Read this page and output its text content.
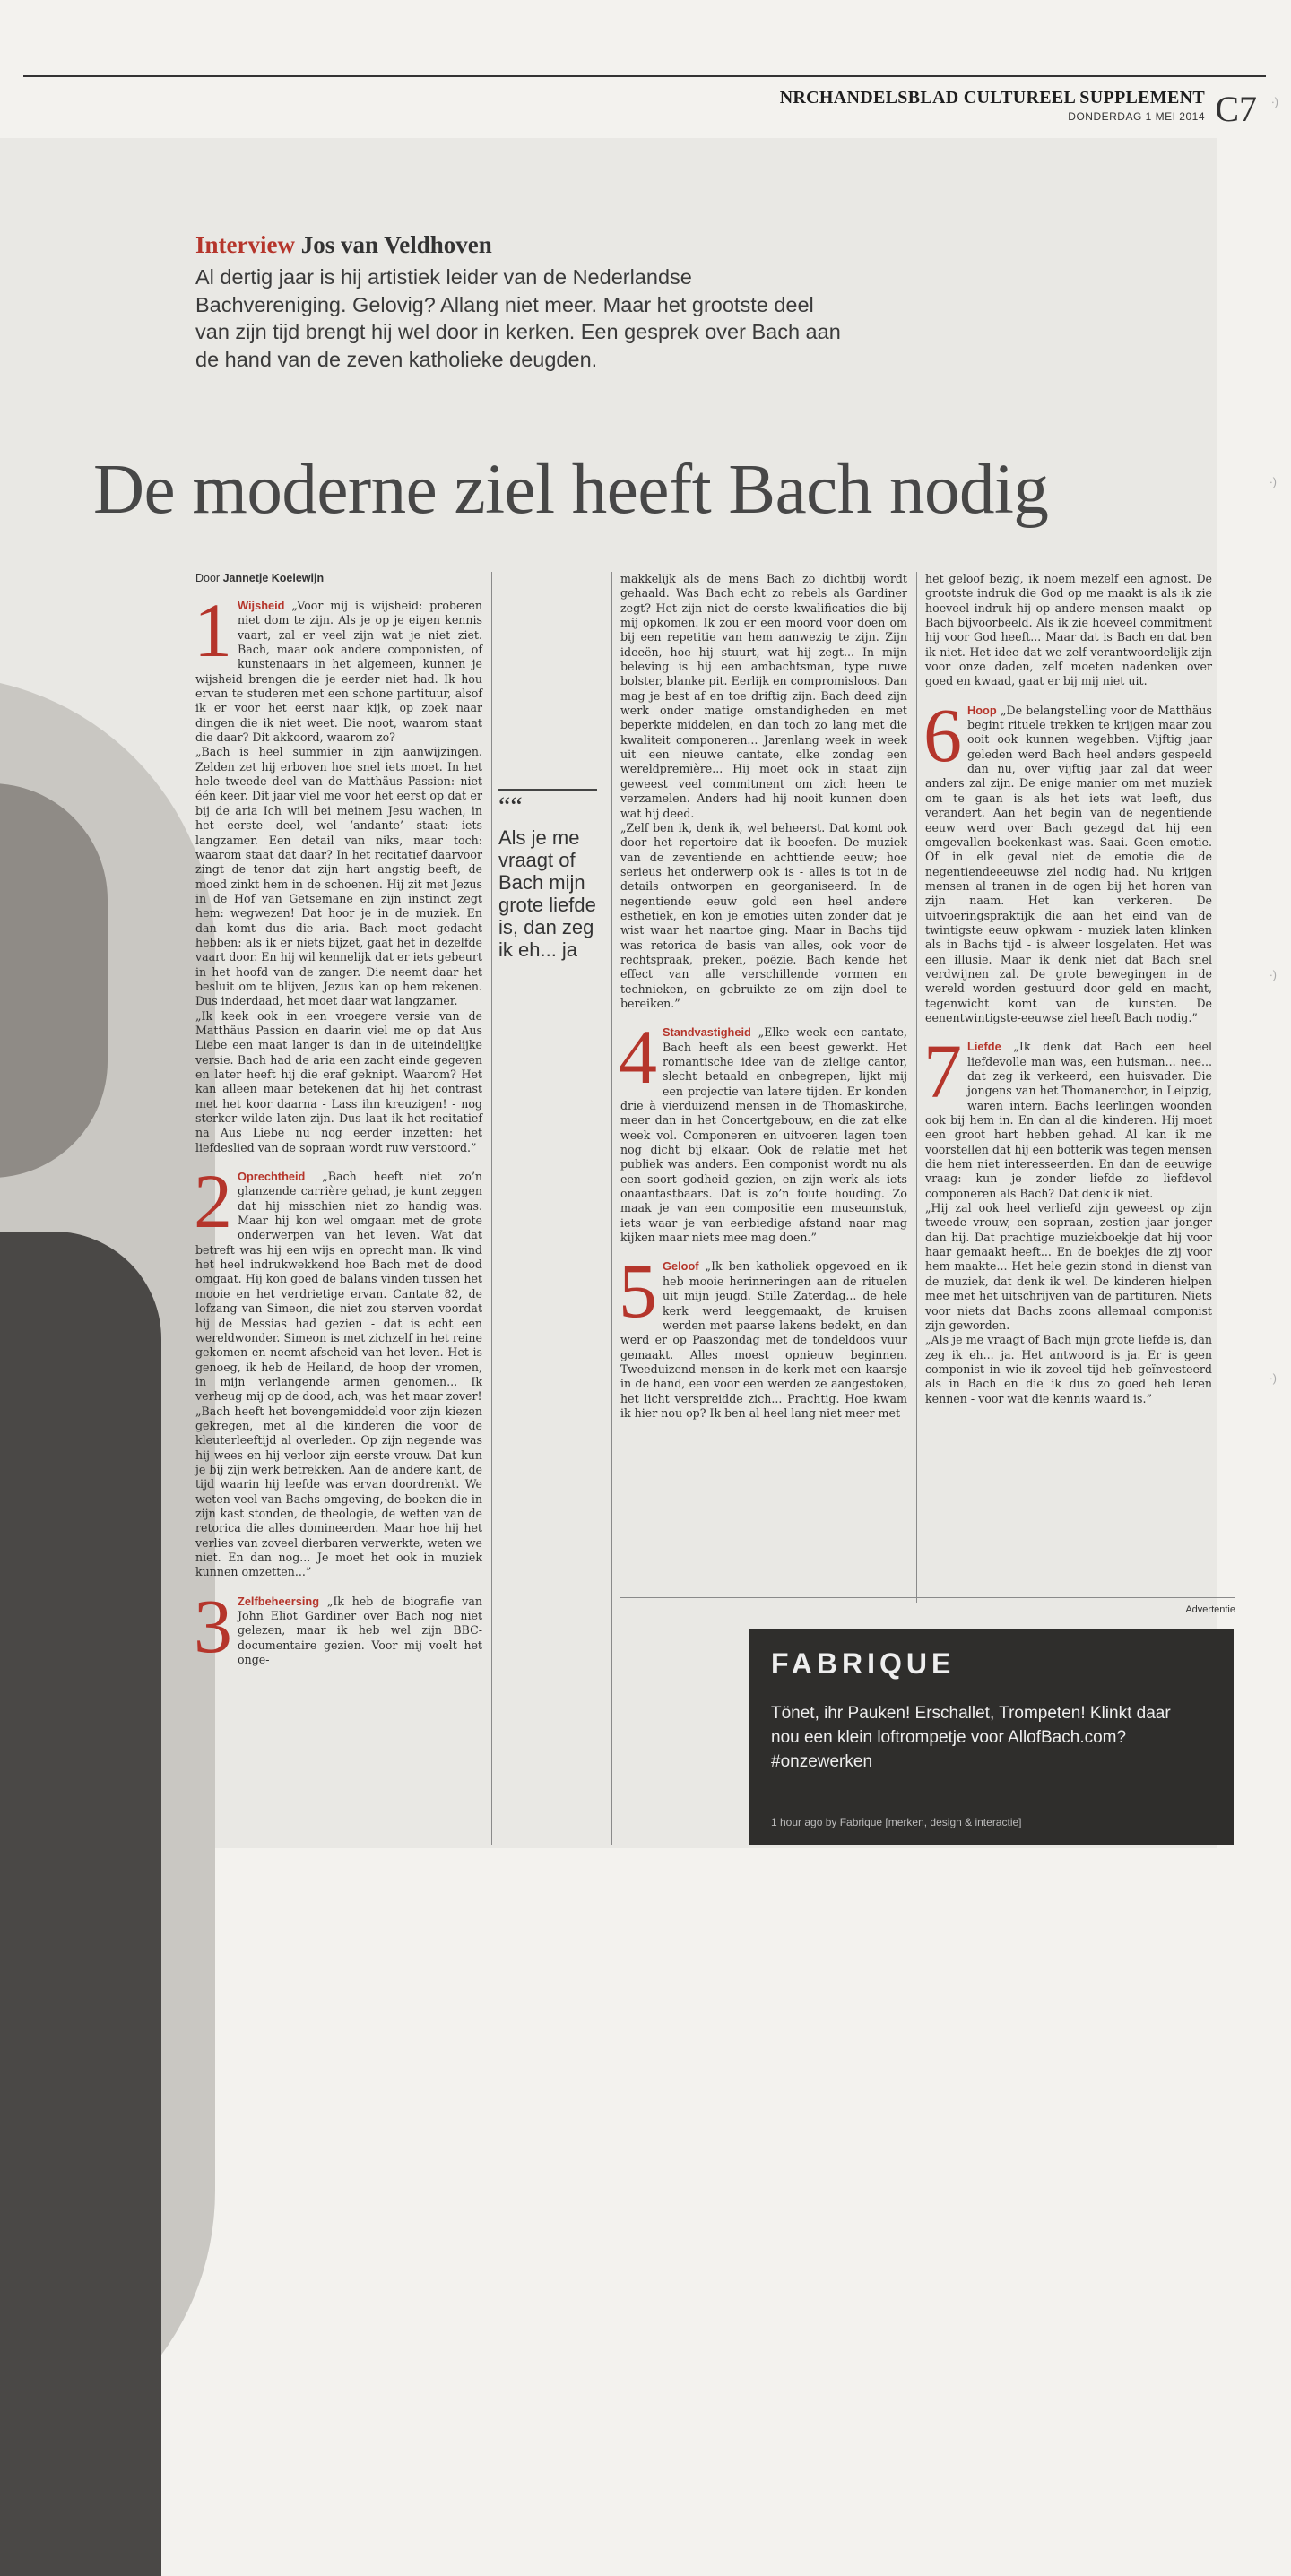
NRCHANDELSBLAD CULTUREEL SUPPLEMENT
DONDERDAG 1 MEI 2014 C7
Interview Jos van Veldhoven
Al dertig jaar is hij artistiek leider van de Nederlandse Bachvereniging. Gelovig? Allang niet meer. Maar het grootste deel van zijn tijd brengt hij wel door in kerken. Een gesprek over Bach aan de hand van de zeven katholieke deugden.
De moderne ziel heeft Bach nodig
Door Jannetje Koelewijn
1 Wijsheid „Voor mij is wijsheid: proberen niet dom te zijn. Als je op je eigen kennis vaart, zal er veel zijn wat je niet ziet. Bach, maar ook andere componisten, of kunstenaars in het algemeen, kunnen je wijsheid brengen die je eerder niet had. Ik hou ervan te studeren met een schone partituur, alsof ik er voor het eerst naar kijk, op zoek naar dingen die ik niet weet. Die noot, waarom staat die daar? Dit akkoord, waarom zo?

„Bach is heel summier in zijn aanwijzingen. Zelden zet hij erboven hoe snel iets moet. In het hele tweede deel van de Matthäus Passion: niet één keer. Dit jaar viel me voor het eerst op dat er bij de aria Ich will bei meinem Jesu wachen, in het eerste deel, wel ‘andante’ staat: iets langzamer. Een detail van niks, maar toch: waarom staat dat daar? In het recitatief daarvoor zingt de tenor dat zijn hart angstig beeft, de moed zinkt hem in de schoenen. Hij zit met Jezus in de Hof van Getsemane en zijn instinct zegt hem: wegwezen! Dat hoor je in de muziek. En dan komt dus die aria. Bach moet gedacht hebben: als ik er niets bijzet, gaat het in dezelfde vaart door. En hij wil kennelijk dat er iets gebeurt in het hoofd van de zanger. Die neemt daar het besluit om te blijven, Jezus kan op hem rekenen. Dus inderdaad, het moet daar wat langzamer.

„Ik keek ook in een vroegere versie van de Matthäus Passion en daarin viel me op dat Aus Liebe een maat langer is dan in de uiteindelijke versie. Bach had de aria een zacht einde gegeven en later heeft hij die eraf geknipt. Waarom? Het kan alleen maar betekenen dat hij het contrast met het koor daarna - Lass ihn kreuzigen! - nog sterker wilde laten zijn. Dus laat ik het recitatief na Aus Liebe nu nog eerder inzetten: het liefdeslied van de sopraan wordt ruw verstoord.”

2 Oprechtheid „Bach heeft niet zo’n glanzende carrière gehad, je kunt zeggen dat hij misschien niet zo handig was. Maar hij kon wel omgaan met de grote onderwerpen van het leven. Wat dat betreft was hij een wijs en oprecht man. Ik vind het heel indrukwekkend hoe Bach met de dood omgaat. Hij kon goed de balans vinden tussen het mooie en het verdrietige ervan. Cantate 82, de lofzang van Simeon, die niet zou sterven voordat hij de Messias had gezien - dat is echt een wereldwonder. Simeon is met zichzelf in het reine gekomen en neemt afscheid van het leven. Het is genoeg, ik heb de Heiland, de hoop der vromen, in mijn verlangende armen genomen... Ik verheug mij op de dood, ach, was het maar zover!

„Bach heeft het bovengemiddeld voor zijn kiezen gekregen, met al die kinderen die voor de kleuterleeftijd al overleden. Op zijn negende was hij wees en hij verloor zijn eerste vrouw. Dat kun je bij zijn werk betrekken. Aan de andere kant, de tijd waarin hij leefde was ervan doordrenkt. We weten veel van Bachs omgeving, de boeken die in zijn kast stonden, de theologie, de wetten van de retorica die alles domineerden. Maar hoe hij het verlies van zoveel dierbaren verwerkte, weten we niet. En dan nog... Je moet het ook in muziek kunnen omzetten...”

3 Zelfbeheersing „Ik heb de biografie van John Eliot Gardiner over Bach nog niet gelezen, maar ik heb wel zijn BBC-documentaire gezien. Voor mij voelt het onge-

““
Als je me vraagt of Bach mijn grote liefde is, dan zeg ik eh... ja

makkelijk als de mens Bach zo dichtbij wordt gehaald. Was Bach echt zo rebels als Gardiner zegt? Het zijn niet de eerste kwalificaties die bij mij opkomen. Ik zou er een moord voor doen om bij een repetitie van hem aanwezig te zijn. Zijn ideeën, hoe hij stuurt, wat hij zegt... In mijn beleving is hij een ambachtsman, type ruwe bolster, blanke pit. Eerlijk en compromisloos. Dan mag je best af en toe driftig zijn. Bach deed zijn werk onder matige omstandigheden en met beperkte middelen, en dan toch zo lang met die kwaliteit componeren... Jarenlang week in week uit een nieuwe cantate, elke zondag een wereldpremière... Hij moet ook in staat zijn geweest veel commitment om zich heen te verzamelen. Anders had hij nooit kunnen doen wat hij deed.

„Zelf ben ik, denk ik, wel beheerst. Dat komt ook door het repertoire dat ik beoefen. De muziek van de zeventiende en achttiende eeuw; hoe serieus het onderwerp ook is - alles is tot in de details ontworpen en georganiseerd. In de negentiende eeuw gold een heel andere esthetiek, en kon je emoties uiten zonder dat je wist waar het naartoe ging. Maar in Bachs tijd was retorica de basis van alles, ook voor de rechtspraak, preken, poëzie. Bach kende het effect van alle verschillende vormen en technieken, en gebruikte ze om zijn doel te bereiken.”

4 Standvastigheid „Elke week een cantate, Bach heeft als een beest gewerkt. Het romantische idee van de zielige cantor, slecht betaald en onbegrepen, lijkt mij een projectie van latere tijden. Er konden drie à vierduizend mensen in de Thomaskirche, meer dan in het Concertgebouw, en die zat elke week vol. Componeren en uitvoeren lagen toen nog dicht bij elkaar. Ook de relatie met het publiek was anders. Een componist wordt nu als een soort godheid gezien, en zijn werk als iets onaantastbaars. Dat is zo’n foute houding. Zo maak je van een compositie een museumstuk, iets waar je van eerbiedige afstand naar mag kijken maar niets mee mag doen.”

5 Geloof „Ik ben katholiek opgevoed en ik heb mooie herinneringen aan de rituelen uit mijn jeugd. Stille Zaterdag... de hele kerk werd leeggemaakt, de kruisen werden met paarse lakens bedekt, en dan werd er op Paaszondag met de tondeldoos vuur gemaakt. Alles moest opnieuw beginnen. Tweeduizend mensen in de kerk met een kaarsje in de hand, een voor een werden ze aangestoken, het licht verspreidde zich... Prachtig. Hoe kwam ik hier nou op? Ik ben al heel lang niet meer met

het geloof bezig, ik noem mezelf een agnost. De grootste indruk die God op me maakt is als ik zie hoeveel indruk hij op andere mensen maakt - op Bach bijvoorbeeld. Als ik zie hoeveel commitment hij voor God heeft... Maar dat is Bach en dat ben ik niet. Het idee dat we zelf verantwoordelijk zijn voor onze daden, zelf moeten nadenken over goed en kwaad, gaat er bij mij niet uit.

6 Hoop „De belangstelling voor de Matthäus begint rituele trekken te krijgen maar zou ooit ook kunnen wegebben. Vijftig jaar geleden werd Bach heel anders gespeeld dan nu, over vijftig jaar zal dat weer anders zal zijn. De enige manier om met muziek om te gaan is als het iets wat leeft, dus verandert. Aan het begin van de negentiende eeuw werd over Bach gezegd dat hij een omgevallen boekenkast was. Saai. Geen emotie. Of in elk geval niet de emotie die de negentiendeeeuwse ziel nodig had. Nu krijgen mensen al tranen in de ogen bij het horen van zijn naam. Het kan verkeren. De uitvoeringspraktijk die aan het eind van de twintigste eeuw opkwam - muziek laten klinken als in Bachs tijd - is alweer losgelaten. Het was een illusie. Maar ik denk niet dat Bach snel verdwijnen zal. De grote bewegingen in de wereld worden gestuurd door geld en macht, tegenwicht komt van de kunsten. De eenentwintigste-eeuwse ziel heeft Bach nodig.”

7 Liefde „Ik denk dat Bach een heel liefdevolle man was, een huisman... nee... dat zeg ik verkeerd, een huisvader. Die jongens van het Thomanerchor, in Leipzig, waren intern. Bachs leerlingen woonden ook bij hem in. En dan al die kinderen. Hij moet een groot hart hebben gehad. Al kan ik me voorstellen dat hij een botterik was tegen mensen die hem niet interesseerden. En dan de eeuwige vraag: kun je zonder liefde zo liefdevol componeren als Bach? Dat denk ik niet.

„Hij zal ook heel verliefd zijn geweest op zijn tweede vrouw, een sopraan, zestien jaar jonger dan hij. Dat prachtige muziekboekje dat hij voor haar gemaakt heeft... En de boekjes die zij voor hem maakte... Het hele gezin stond in dienst van de muziek, dat denk ik wel. De kinderen hielpen mee met het uitschrijven van de partituren. Niets voor niets dat Bachs zoons allemaal componist zijn geworden.

„Als je me vraagt of Bach mijn grote liefde is, dan zeg ik eh... ja. Het antwoord is ja. Er is geen componist in wie ik zoveel tijd heb geïnvesteerd als in Bach en die ik dus zo goed heb leren kennen - voor wat die kennis waard is.”

Advertentie
FABRIQUE
Tönet, ihr Pauken! Erschallet, Trompeten! Klinkt daar nou een klein loftrompetje voor AllofBach.com? #onzewerken
1 hour ago by Fabrique [merken, design & interactie]
∙)
∙)
∙)
∙)
